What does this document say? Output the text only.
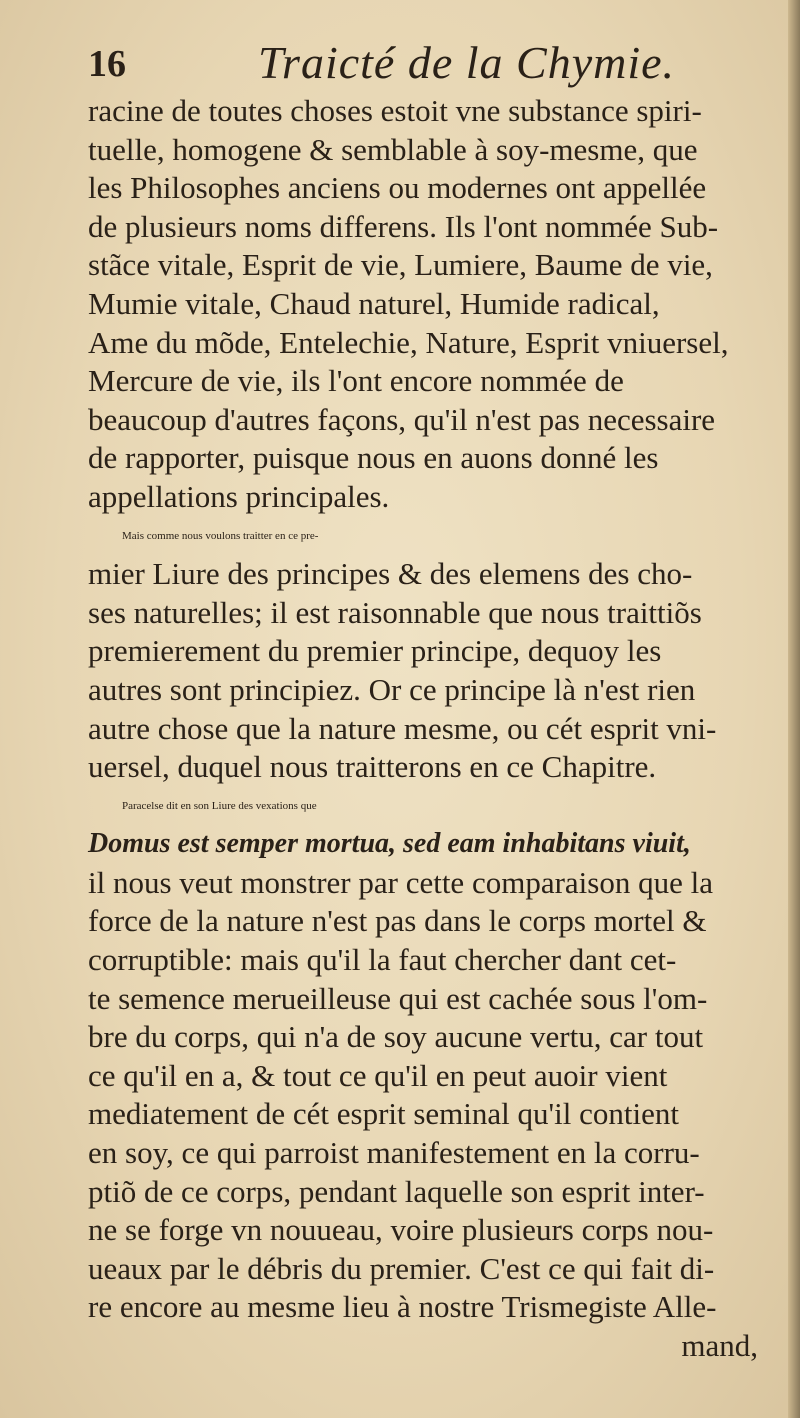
16	Traicté de la Chymie.
racine de toutes choses estoit vne substance spiri-
tuelle, homogene & semblable à soy-mesme, que
les Philosophes anciens ou modernes ont appellée
de plusieurs noms differens. Ils l'ont nommée Sub-
stãce vitale, Esprit de vie, Lumiere, Baume de vie,
Mumie vitale, Chaud naturel, Humide radical,
Ame du mõde, Entelechie, Nature, Esprit vniuersel,
Mercure de vie, ils l'ont encore nommée de
beaucoup d'autres façons, qu'il n'est pas necessaire
de rapporter, puisque nous en auons donné les
appellations principales.
Mais comme nous voulons traitter en ce pre-
mier Liure des principes & des elemens des cho-
ses naturelles; il est raisonnable que nous traittiõs
premierement du premier principe, dequoy les
autres sont principiez. Or ce principe là n'est rien
autre chose que la nature mesme, ou cét esprit vni-
uersel, duquel nous traitterons en ce Chapitre.
Paracelse dit en son Liure des vexations que
Domus est semper mortua, sed eam inhabitans viuit,
il nous veut monstrer par cette comparaison que la
force de la nature n'est pas dans le corps mortel &
corruptible: mais qu'il la faut chercher dant cet-
te semence merueilleuse qui est cachée sous l'om-
bre du corps, qui n'a de soy aucune vertu, car tout
ce qu'il en a, & tout ce qu'il en peut auoir vient
mediatement de cét esprit seminal qu'il contient
en soy, ce qui parroist manifestement en la corru-
ptiõ de ce corps, pendant laquelle son esprit inter-
ne se forge vn nouueau, voire plusieurs corps nou-
ueaux par le débris du premier. C'est ce qui fait di-
re encore au mesme lieu à nostre Trismegiste Alle-
mand,
